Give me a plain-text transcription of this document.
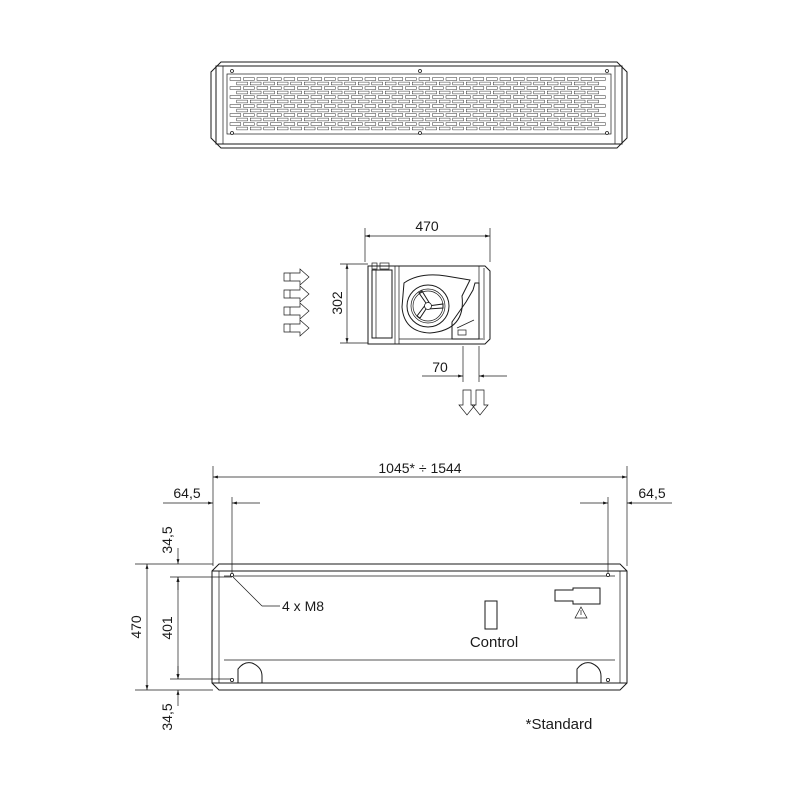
470
302
70
1045* ÷ 1544
64,5	64,5
470 401
34,5
34,5
4 x M8
Control
*Standard
